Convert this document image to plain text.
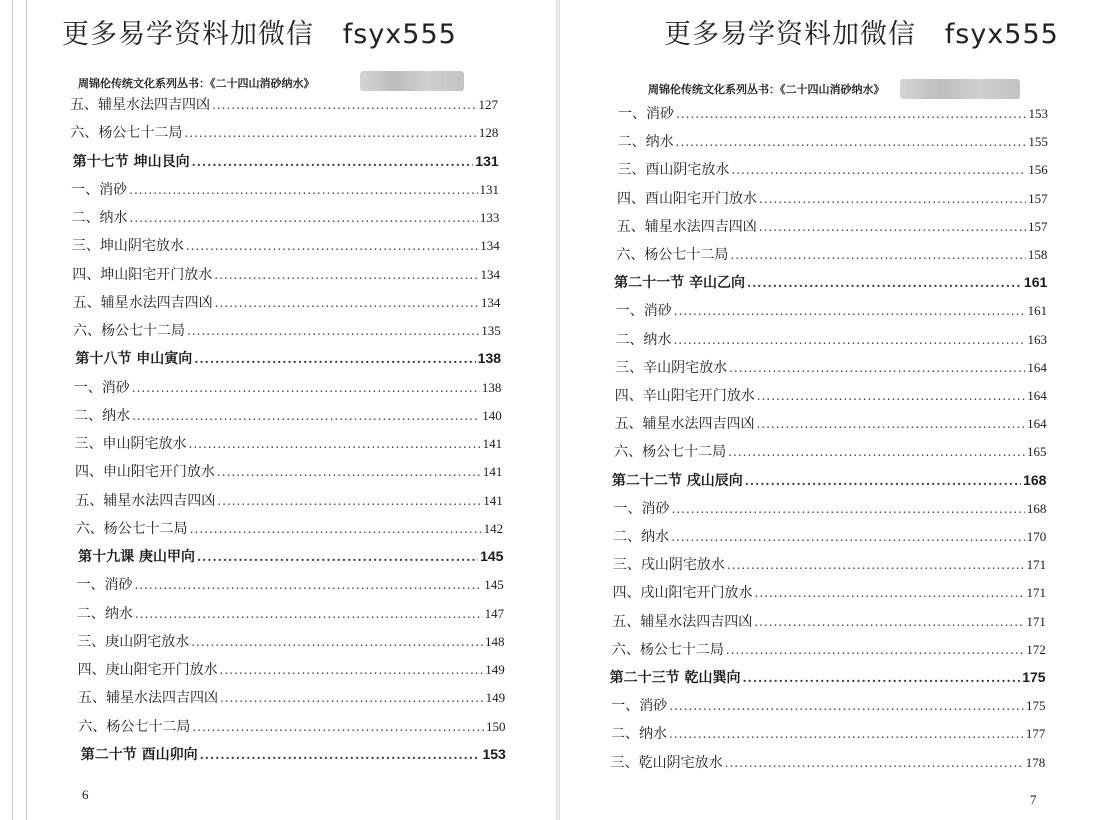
更多易学资料加微信   fsyx555
周锦伦传统文化系列丛书：《二十四山消砂纳水》
五、辅星水法四吉四凶 .....	127
六、杨公七十二局 .....	128
第十七节 坤山艮向 .....	131
一、消砂 .....	131
二、纳水 .....	133
三、坤山阴宅放水 .....	134
四、坤山阳宅开门放水 .....	134
五、辅星水法四吉四凶 .....	134
六、杨公七十二局 .....	135
第十八节 申山寅向 .....	138
一、消砂 .....	138
二、纳水 .....	140
三、申山阴宅放水 .....	141
四、申山阳宅开门放水 .....	141
五、辅星水法四吉四凶 .....	141
六、杨公七十二局 .....	142
第十九课 庚山甲向 .....	145
一、消砂 .....	145
二、纳水 .....	147
三、庚山阴宅放水 .....	148
四、庚山阳宅开门放水 .....	149
五、辅星水法四吉四凶 .....	149
六、杨公七十二局 .....	150
第二十节 酉山卯向 .....	153
6
更多易学资料加微信   fsyx555
周锦伦传统文化系列丛书：《二十四山消砂纳水》
一、消砂 .....	153
二、纳水 .....	155
三、酉山阴宅放水 .....	156
四、酉山阳宅开门放水 .....	157
五、辅星水法四吉四凶 .....	157
六、杨公七十二局 .....	158
第二十一节 辛山乙向 .....	161
一、消砂 .....	161
二、纳水 .....	163
三、辛山阴宅放水 .....	164
四、辛山阳宅开门放水 .....	164
五、辅星水法四吉四凶 .....	164
六、杨公七十二局 .....	165
第二十二节 戌山辰向 .....	168
一、消砂 .....	168
二、纳水 .....	170
三、戌山阴宅放水 .....	171
四、戌山阳宅开门放水 .....	171
五、辅星水法四吉四凶 .....	171
六、杨公七十二局 .....	172
第二十三节 乾山巽向 .....	175
一、消砂 .....	175
二、纳水 .....	177
三、乾山阴宅放水 .....	178
7
